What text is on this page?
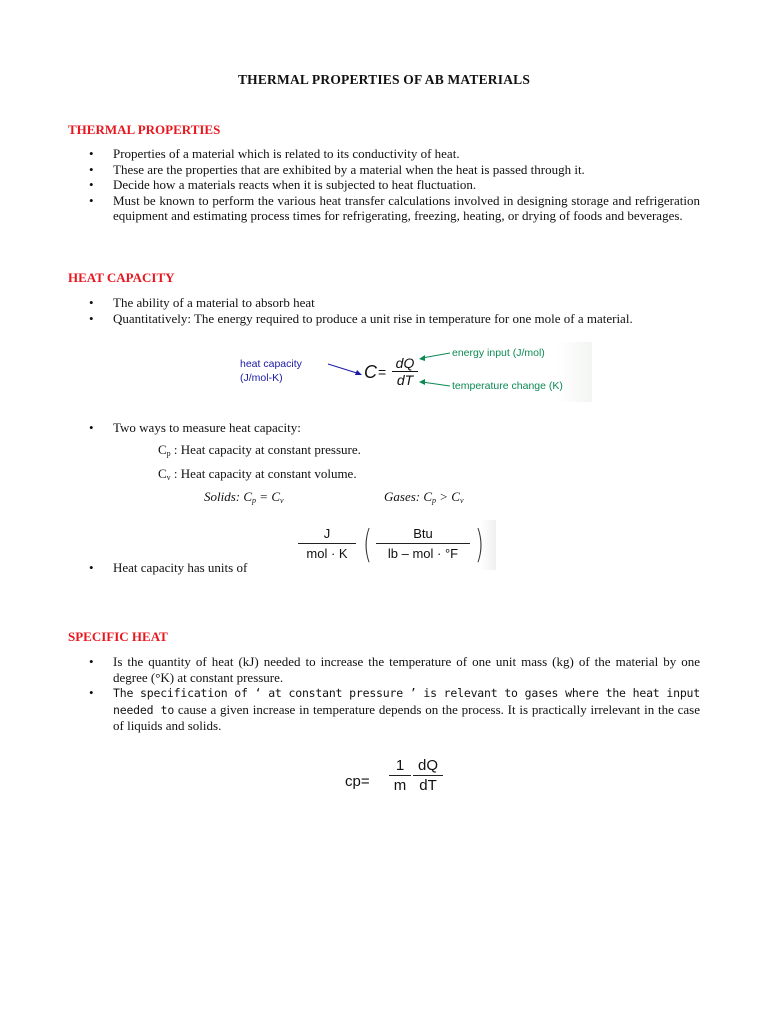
THERMAL PROPERTIES OF AB MATERIALS
THERMAL PROPERTIES
• Properties of a material which is related to its conductivity of heat.
• These are the properties that are exhibited by a material when the heat is passed through it.
• Decide how a materials reacts when it is subjected to heat fluctuation.
• Must be known to perform the various heat transfer calculations involved in designing storage and refrigeration equipment and estimating process times for refrigerating, freezing, heating, or drying of foods and beverages.
HEAT CAPACITY
• The ability of a material to absorb heat
• Quantitatively: The energy required to produce a unit rise in temperature for one mole of a material.
heat capacity
(J/mol-K)	$C = \frac{dQ}{dT}$
energy input (J/mol)
temperature change (K)
• Two ways to measure heat capacity:
$C_p$ : Heat capacity at constant pressure.
$C_v$ : Heat capacity at constant volume.
Solids: $C_p = C_v$	Gases: $C_p > C_v$
J
mol · K (	Btu
lb – mol · °F )
• Heat capacity has units of
SPECIFIC HEAT
• Is the quantity of heat (kJ) needed to increase the temperature of one unit mass (kg) of the material by one degree (°K) at constant pressure.
• The specification of ‘ at constant pressure ’ is relevant to gases where the heat input needed to cause a given increase in temperature depends on the process. It is practically irrelevant in the case of liquids and solids.
$cp= \frac{1}{m} \frac{dQ}{dT}$
